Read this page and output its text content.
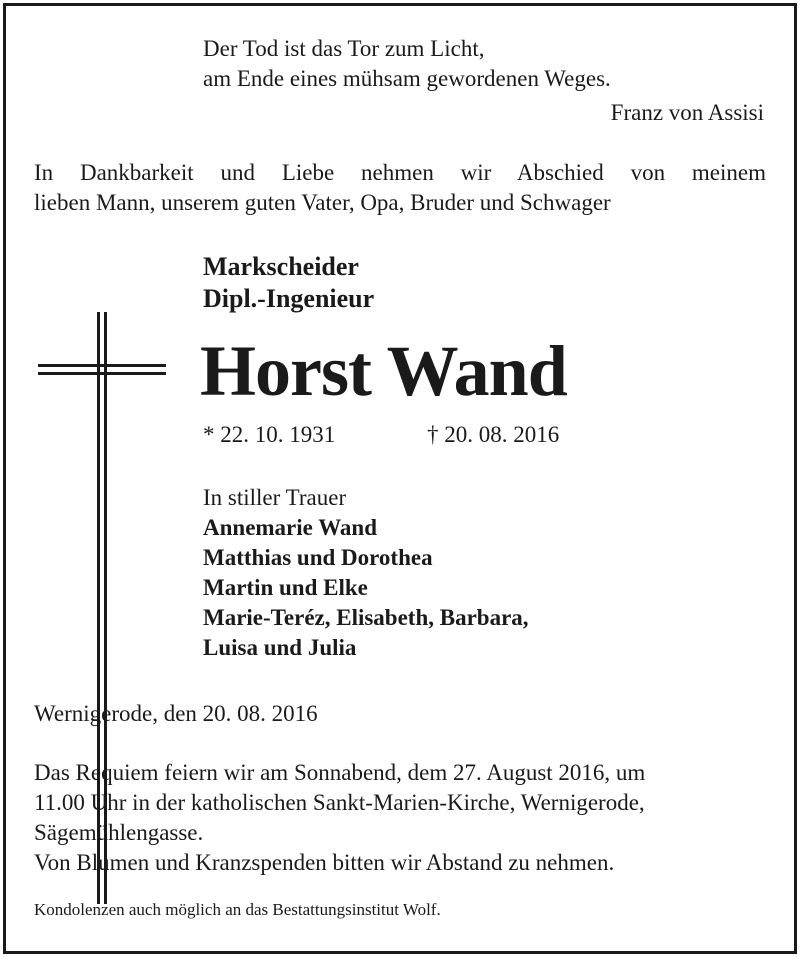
Der Tod ist das Tor zum Licht,
am Ende eines mühsam gewordenen Weges.
Franz von Assisi
In Dankbarkeit und Liebe nehmen wir Abschied von meinem
lieben Mann, unserem guten Vater, Opa, Bruder und Schwager
Markscheider
Dipl.-Ingenieur
Horst Wand
* 22. 10. 1931	† 20. 08. 2016
In stiller Trauer
Annemarie Wand
Matthias und Dorothea
Martin und Elke
Marie-Teréz, Elisabeth, Barbara,
Luisa und Julia
Wernigerode, den 20. 08. 2016
Das Requiem feiern wir am Sonnabend, dem 27. August 2016, um
11.00 Uhr in der katholischen Sankt-Marien-Kirche, Wernigerode,
Sägemühlengasse.
Von Blumen und Kranzspenden bitten wir Abstand zu nehmen.
Kondolenzen auch möglich an das Bestattungsinstitut Wolf.
